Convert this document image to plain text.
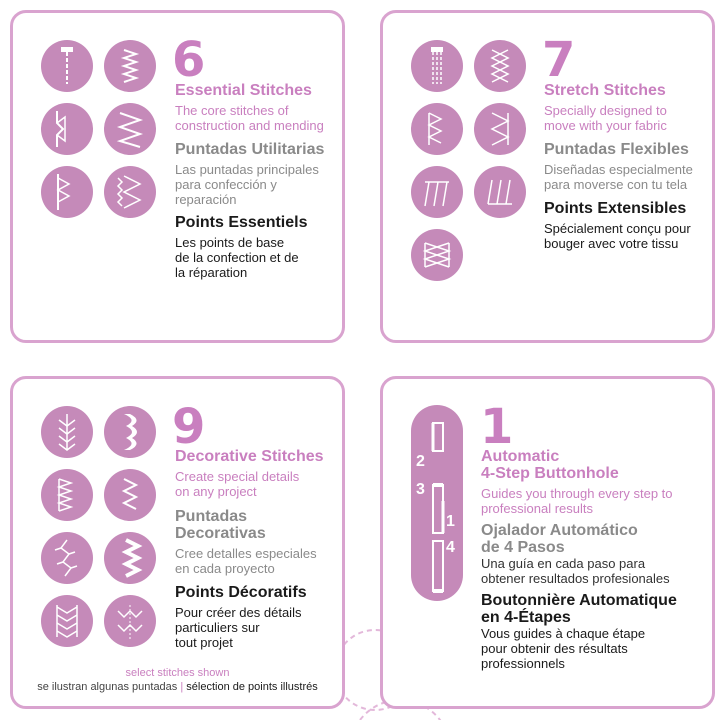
6
Essential Stitches
The core stitches of
construction and mending
Puntadas Utilitarias
Las puntadas principales
para confección y
reparación
Points Essentiels
Les points de base
de la confection et de
la réparation
7
Stretch Stitches
Specially designed to
move with your fabric
Puntadas Flexibles
Diseñadas especialmente
para moverse con tu tela
Points Extensibles
Spécialement conçu pour
bouger avec votre tissu
9
Decorative Stitches
Create special details
on any project
Puntadas
Decorativas
Cree detalles especiales
en cada proyecto
Points Décoratifs
Pour créer des détails
particuliers sur
tout projet
select stitches shown
se ilustran algunas puntadas | sélection de points illustrés
2
3
1
4
1
Automatic
4-Step Buttonhole
Guides you through every step to
professional results
Ojalador Automático
de 4 Pasos
Una guía en cada paso para
obtener resultados profesionales
Boutonnière Automatique
en 4-Étapes
Vous guides à chaque étape
pour obtenir des résultats
professionnels
